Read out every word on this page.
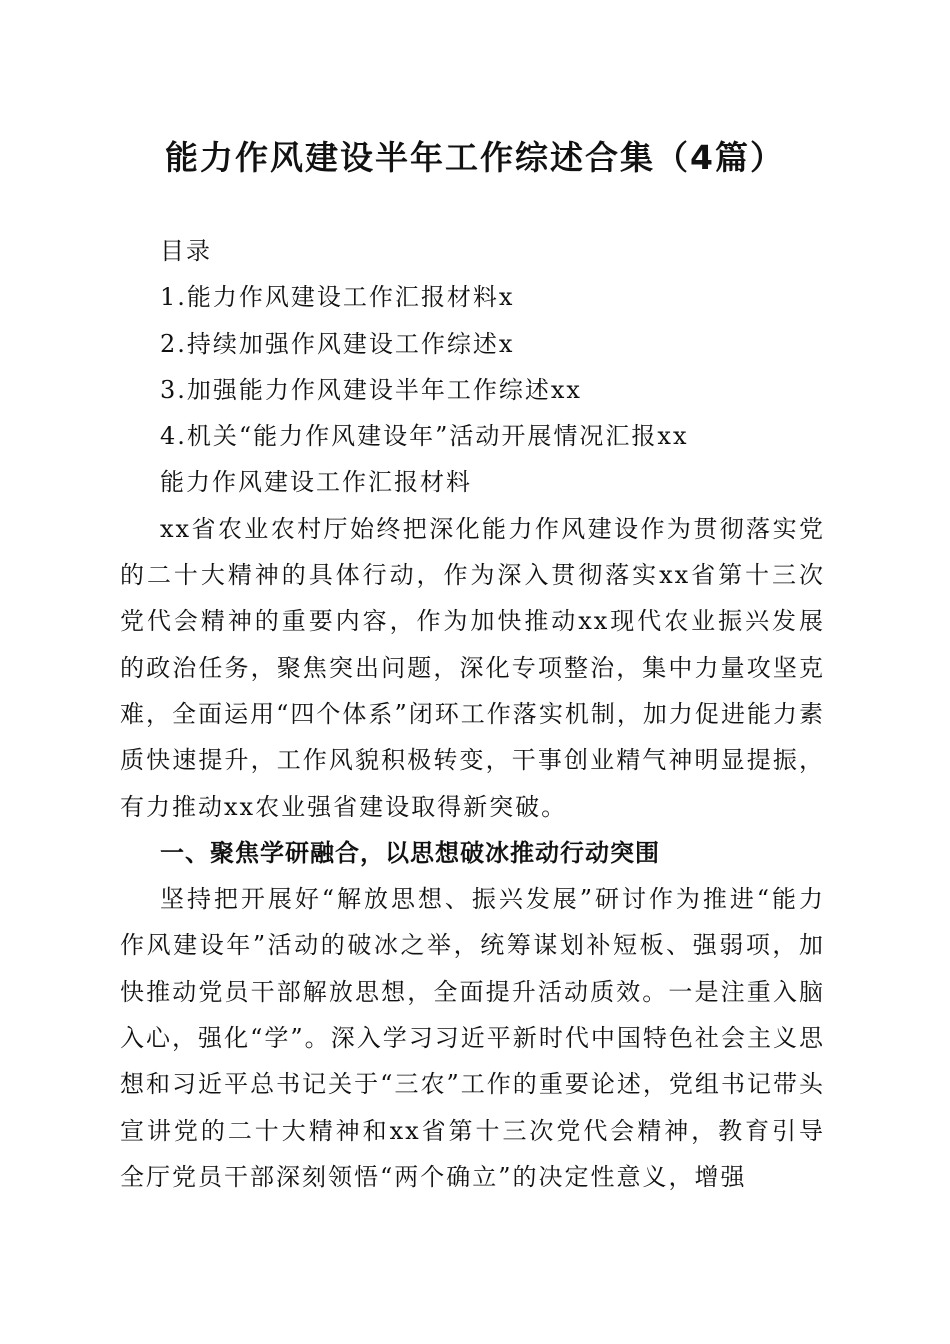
能力作风建设半年工作综述合集（4篇）

目录

1.能力作风建设工作汇报材料x

2.持续加强作风建设工作综述x

3.加强能力作风建设半年工作综述xx

4.机关“能力作风建设年”活动开展情况汇报xx

能力作风建设工作汇报材料

xx省农业农村厅始终把深化能力作风建设作为贯彻落实党的二十大精神的具体行动，作为深入贯彻落实xx省第十三次党代会精神的重要内容，作为加快推动xx现代农业振兴发展的政治任务，聚焦突出问题，深化专项整治，集中力量攻坚克难，全面运用“四个体系”闭环工作落实机制，加力促进能力素质快速提升，工作风貌积极转变，干事创业精气神明显提振，有力推动xx农业强省建设取得新突破。

一、聚焦学研融合，以思想破冰推动行动突围

坚持把开展好“解放思想、振兴发展”研讨作为推进“能力作风建设年”活动的破冰之举，统筹谋划补短板、强弱项，加快推动党员干部解放思想，全面提升活动质效。一是注重入脑入心，强化“学”。深入学习习近平新时代中国特色社会主义思想和习近平总书记关于“三农”工作的重要论述，党组书记带头宣讲党的二十大精神和xx省第十三次党代会精神，教育引导全厅党员干部深刻领悟“两个确立”的决定性意义，增强
